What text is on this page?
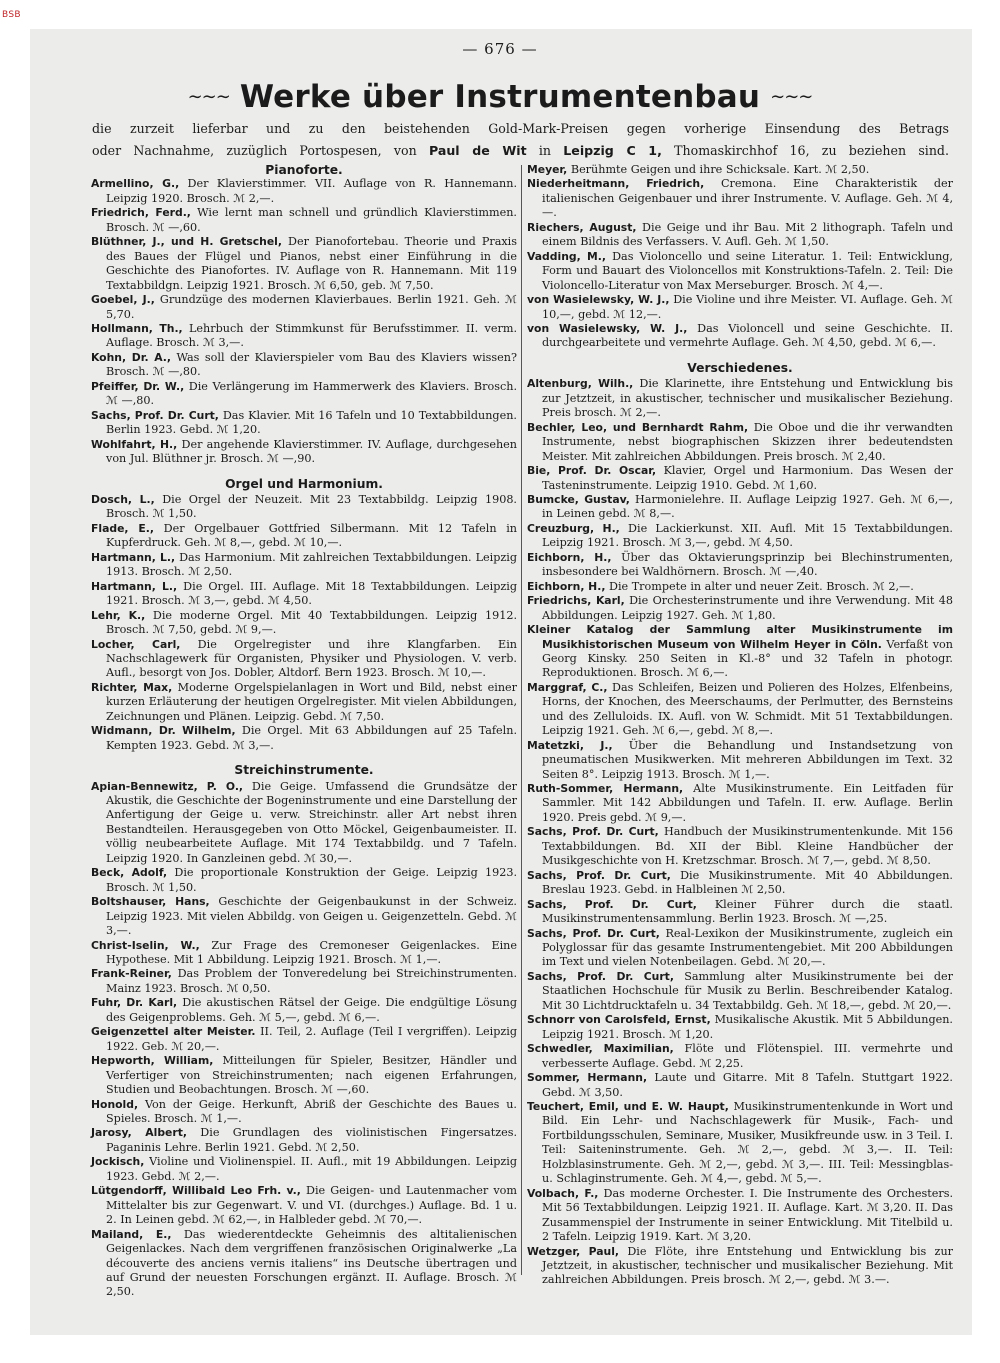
BSB
— 676 —
∼∼∼ Werke über Instrumentenbau ∼∼∼

die zurzeit lieferbar und zu den beistehenden Gold-Mark-Preisen gegen vorherige Einsendung des Betrags

oder Nachnahme, zuzüglich Portospesen, von Paul de Wit in Leipzig C 1, Thomaskirchhof 16, zu beziehen sind.

Pianoforte.

Armellino, G., Der Klavierstimmer. VII. Auflage von R. Hannemann. Leipzig 1920. Brosch. ℳ 2,—.

Friedrich, Ferd., Wie lernt man schnell und gründlich Klavierstimmen. Brosch. ℳ —,60.

Blüthner, J., und H. Gretschel, Der Pianofortebau. Theorie und Praxis des Baues der Flügel und Pianos, nebst einer Einführung in die Geschichte des Pianofortes. IV. Auflage von R. Hannemann. Mit 119 Textabbildgn. Leipzig 1921. Brosch. ℳ 6,50, geb. ℳ 7,50.

Goebel, J., Grundzüge des modernen Klavierbaues. Berlin 1921. Geh. ℳ 5,70.

Hollmann, Th., Lehrbuch der Stimmkunst für Berufsstimmer. II. verm. Auflage. Brosch. ℳ 3,—.

Kohn, Dr. A., Was soll der Klavierspieler vom Bau des Klaviers wissen? Brosch. ℳ —,80.

Pfeiffer, Dr. W., Die Verlängerung im Hammerwerk des Klaviers. Brosch. ℳ —,80.

Sachs, Prof. Dr. Curt, Das Klavier. Mit 16 Tafeln und 10 Textabbildungen. Berlin 1923. Gebd. ℳ 1,20.

Wohlfahrt, H., Der angehende Klavierstimmer. IV. Auflage, durchgesehen von Jul. Blüthner jr. Brosch. ℳ —,90.

Orgel und Harmonium.

Dosch, L., Die Orgel der Neuzeit. Mit 23 Textabbildg. Leipzig 1908. Brosch. ℳ 1,50.

Flade, E., Der Orgelbauer Gottfried Silbermann. Mit 12 Tafeln in Kupferdruck. Geh. ℳ 8,—, gebd. ℳ 10,—.

Hartmann, L., Das Harmonium. Mit zahlreichen Textabbildungen. Leipzig 1913. Brosch. ℳ 2,50.

Hartmann, L., Die Orgel. III. Auflage. Mit 18 Textabbildungen. Leipzig 1921. Brosch. ℳ 3,—, gebd. ℳ 4,50.

Lehr, K., Die moderne Orgel. Mit 40 Textabbildungen. Leipzig 1912. Brosch. ℳ 7,50, gebd. ℳ 9,—.

Locher, Carl, Die Orgelregister und ihre Klangfarben. Ein Nachschlagewerk für Organisten, Physiker und Physiologen. V. verb. Aufl., besorgt von Jos. Dobler, Altdorf. Bern 1923. Brosch. ℳ 10,—.

Richter, Max, Moderne Orgelspielanlagen in Wort und Bild, nebst einer kurzen Erläuterung der heutigen Orgelregister. Mit vielen Abbildungen, Zeichnungen und Plänen. Leipzig. Gebd. ℳ 7,50.

Widmann, Dr. Wilhelm, Die Orgel. Mit 63 Abbildungen auf 25 Tafeln. Kempten 1923. Gebd. ℳ 3,—.

Streichinstrumente.

Apian-Bennewitz, P. O., Die Geige. Umfassend die Grundsätze der Akustik, die Geschichte der Bogeninstrumente und eine Darstellung der Anfertigung der Geige u. verw. Streichinstr. aller Art nebst ihren Bestandteilen. Herausgegeben von Otto Möckel, Geigenbaumeister. II. völlig neubearbeitete Auflage. Mit 174 Textabbildg. und 7 Tafeln. Leipzig 1920. In Ganzleinen gebd. ℳ 30,—.

Beck, Adolf, Die proportionale Konstruktion der Geige. Leipzig 1923. Brosch. ℳ 1,50.

Boltshauser, Hans, Geschichte der Geigenbaukunst in der Schweiz. Leipzig 1923. Mit vielen Abbildg. von Geigen u. Geigenzetteln. Gebd. ℳ 3,—.

Christ-Iselin, W., Zur Frage des Cremoneser Geigenlackes. Eine Hypothese. Mit 1 Abbildung. Leipzig 1921. Brosch. ℳ 1,—.

Frank-Reiner, Das Problem der Tonveredelung bei Streichinstrumenten. Mainz 1923. Brosch. ℳ 0,50.

Fuhr, Dr. Karl, Die akustischen Rätsel der Geige. Die endgültige Lösung des Geigenproblems. Geh. ℳ 5,—, gebd. ℳ 6,—.

Geigenzettel alter Meister. II. Teil, 2. Auflage (Teil I vergriffen). Leipzig 1922. Geb. ℳ 20,—.

Hepworth, William, Mitteilungen für Spieler, Besitzer, Händler und Verfertiger von Streichinstrumenten; nach eigenen Erfahrungen, Studien und Beobachtungen. Brosch. ℳ —,60.

Honold, Von der Geige. Herkunft, Abriß der Geschichte des Baues u. Spieles. Brosch. ℳ 1,—.

Jarosy, Albert, Die Grundlagen des violinistischen Fingersatzes. Paganinis Lehre. Berlin 1921. Gebd. ℳ 2,50.

Jockisch, Violine und Violinenspiel. II. Aufl., mit 19 Abbildungen. Leipzig 1923. Gebd. ℳ 2,—.

Lütgendorff, Willibald Leo Frh. v., Die Geigen- und Lautenmacher vom Mittelalter bis zur Gegenwart. V. und VI. (durchges.) Auflage. Bd. 1 u. 2. In Leinen gebd. ℳ 62,—, in Halbleder gebd. ℳ 70,—.

Mailand, E., Das wiederentdeckte Geheimnis des altitalienischen Geigenlackes. Nach dem vergriffenen französischen Originalwerke „La découverte des anciens vernis italiens“ ins Deutsche übertragen und auf Grund der neuesten Forschungen ergänzt. II. Auflage. Brosch. ℳ 2,50.

Meyer, Berühmte Geigen und ihre Schicksale. Kart. ℳ 2,50.

Niederheitmann, Friedrich, Cremona. Eine Charakteristik der italienischen Geigenbauer und ihrer Instrumente. V. Auflage. Geh. ℳ 4,—.

Riechers, August, Die Geige und ihr Bau. Mit 2 lithograph. Tafeln und einem Bildnis des Verfassers. V. Aufl. Geh. ℳ 1,50.

Vadding, M., Das Violoncello und seine Literatur. 1. Teil: Entwicklung, Form und Bauart des Violoncellos mit Konstruktions-Tafeln. 2. Teil: Die Violoncello-Literatur von Max Merseburger. Brosch. ℳ 4,—.

von Wasielewsky, W. J., Die Violine und ihre Meister. VI. Auflage. Geh. ℳ 10,—, gebd. ℳ 12,—.

von Wasielewsky, W. J., Das Violoncell und seine Geschichte. II. durchgearbeitete und vermehrte Auflage. Geh. ℳ 4,50, gebd. ℳ 6,—.

Verschiedenes.

Altenburg, Wilh., Die Klarinette, ihre Entstehung und Entwicklung bis zur Jetztzeit, in akustischer, technischer und musikalischer Beziehung. Preis brosch. ℳ 2,—.

Bechler, Leo, und Bernhardt Rahm, Die Oboe und die ihr verwandten Instrumente, nebst biographischen Skizzen ihrer bedeutendsten Meister. Mit zahlreichen Abbildungen. Preis brosch. ℳ 2,40.

Bie, Prof. Dr. Oscar, Klavier, Orgel und Harmonium. Das Wesen der Tasteninstrumente. Leipzig 1910. Gebd. ℳ 1,60.

Bumcke, Gustav, Harmonielehre. II. Auflage Leipzig 1927. Geh. ℳ 6,—, in Leinen gebd. ℳ 8,—.

Creuzburg, H., Die Lackierkunst. XII. Aufl. Mit 15 Textabbildungen. Leipzig 1921. Brosch. ℳ 3,—, gebd. ℳ 4,50.

Eichborn, H., Über das Oktavierungsprinzip bei Blechinstrumenten, insbesondere bei Waldhörnern. Brosch. ℳ —,40.

Eichborn, H., Die Trompete in alter und neuer Zeit. Brosch. ℳ 2,—.

Friedrichs, Karl, Die Orchesterinstrumente und ihre Verwendung. Mit 48 Abbildungen. Leipzig 1927. Geh. ℳ 1,80.

Kleiner Katalog der Sammlung alter Musikinstrumente im Musikhistorischen Museum von Wilhelm Heyer in Cöln. Verfaßt von Georg Kinsky. 250 Seiten in Kl.-8° und 32 Tafeln in photogr. Reproduktionen. Brosch. ℳ 6,—.

Marggraf, C., Das Schleifen, Beizen und Polieren des Holzes, Elfenbeins, Horns, der Knochen, des Meerschaums, der Perlmutter, des Bernsteins und des Zelluloids. IX. Aufl. von W. Schmidt. Mit 51 Textabbildungen. Leipzig 1921. Geh. ℳ 6,—, gebd. ℳ 8,—.

Matetzki, J., Über die Behandlung und Instandsetzung von pneumatischen Musikwerken. Mit mehreren Abbildungen im Text. 32 Seiten 8°. Leipzig 1913. Brosch. ℳ 1,—.

Ruth-Sommer, Hermann, Alte Musikinstrumente. Ein Leitfaden für Sammler. Mit 142 Abbildungen und Tafeln. II. erw. Auflage. Berlin 1920. Preis gebd. ℳ 9,—.

Sachs, Prof. Dr. Curt, Handbuch der Musikinstrumentenkunde. Mit 156 Textabbildungen. Bd. XII der Bibl. Kleine Handbücher der Musikgeschichte von H. Kretzschmar. Brosch. ℳ 7,—, gebd. ℳ 8,50.

Sachs, Prof. Dr. Curt, Die Musikinstrumente. Mit 40 Abbildungen. Breslau 1923. Gebd. in Halbleinen ℳ 2,50.

Sachs, Prof. Dr. Curt, Kleiner Führer durch die staatl. Musikinstrumentensammlung. Berlin 1923. Brosch. ℳ —,25.

Sachs, Prof. Dr. Curt, Real-Lexikon der Musikinstrumente, zugleich ein Polyglossar für das gesamte Instrumentengebiet. Mit 200 Abbildungen im Text und vielen Notenbeilagen. Gebd. ℳ 20,—.

Sachs, Prof. Dr. Curt, Sammlung alter Musikinstrumente bei der Staatlichen Hochschule für Musik zu Berlin. Beschreibender Katalog. Mit 30 Lichtdrucktafeln u. 34 Textabbildg. Geh. ℳ 18,—, gebd. ℳ 20,—.

Schnorr von Carolsfeld, Ernst, Musikalische Akustik. Mit 5 Abbildungen. Leipzig 1921. Brosch. ℳ 1,20.

Schwedler, Maximilian, Flöte und Flötenspiel. III. vermehrte und verbesserte Auflage. Gebd. ℳ 2,25.

Sommer, Hermann, Laute und Gitarre. Mit 8 Tafeln. Stuttgart 1922. Gebd. ℳ 3,50.

Teuchert, Emil, und E. W. Haupt, Musikinstrumentenkunde in Wort und Bild. Ein Lehr- und Nachschlagewerk für Musik-, Fach- und Fortbildungsschulen, Seminare, Musiker, Musikfreunde usw. in 3 Teil. I. Teil: Saiteninstrumente. Geh. ℳ 2,—, gebd. ℳ 3,—. II. Teil: Holzblasinstrumente. Geh. ℳ 2,—, gebd. ℳ 3,—. III. Teil: Messingblas- u. Schlaginstrumente. Geh. ℳ 4,—, gebd. ℳ 5,—.

Volbach, F., Das moderne Orchester. I. Die Instrumente des Orchesters. Mit 56 Textabbildungen. Leipzig 1921. II. Auflage. Kart. ℳ 3,20. II. Das Zusammenspiel der Instrumente in seiner Entwicklung. Mit Titelbild u. 2 Tafeln. Leipzig 1919. Kart. ℳ 3,20.

Wetzger, Paul, Die Flöte, ihre Entstehung und Entwicklung bis zur Jetztzeit, in akustischer, technischer und musikalischer Beziehung. Mit zahlreichen Abbildungen. Preis brosch. ℳ 2,—, gebd. ℳ 3.—.
